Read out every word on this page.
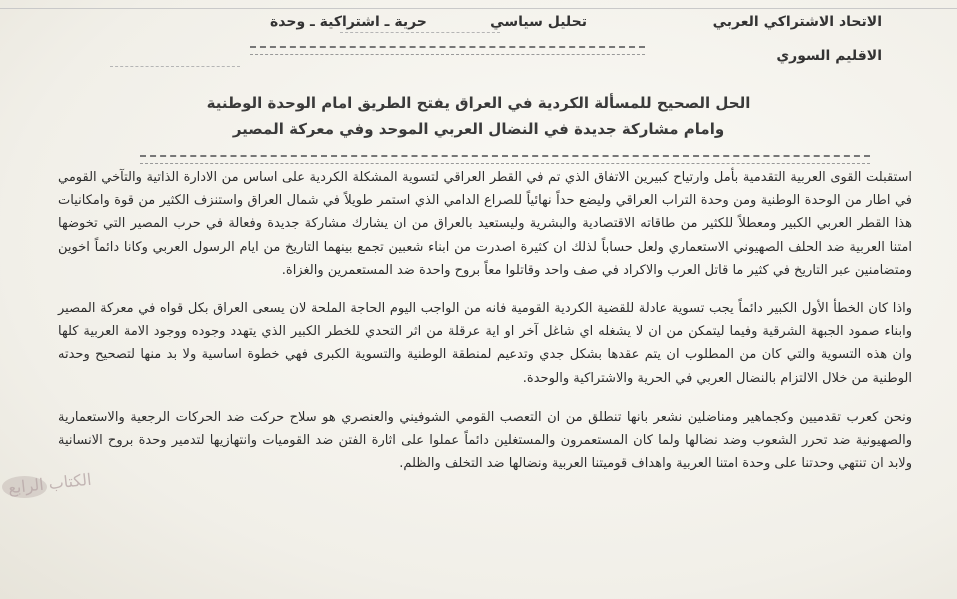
الاتحاد الاشتراكي العربي
تحليل سياسي
حرية ـ اشتراكية ـ وحدة
الاقليم السوري
الحل الصحيح للمسألة الكردية في العراق يفتح الطريق امام الوحدة الوطنية
وامام مشاركة جديدة في النضال العربي الموحد وفي معركة المصير

استقبلت القوى العربية التقدمية بأمل وارتياح كبيرين الاتفاق الذي تم في القطر العراقي لتسوية المشكلة الكردية على اساس من الادارة الذاتية والتآخي القومي في اطار من الوحدة الوطنية ومن وحدة التراب العراقي وليضع حداً نهائياً للصراع الدامي الذي استمر طويلاً في شمال العراق واستنزف الكثير من قوة وامكانيات هذا القطر العربي الكبير ومعطلاً للكثير من طاقاته الاقتصادية والبشرية وليستعيد بالعراق من ان يشارك مشاركة جديدة وفعالة في حرب المصير التي تخوضها امتنا العربية ضد الحلف الصهيوني الاستعماري ولعل حساباً لذلك ان كثيرة اصدرت من ابناء شعبين تجمع بينهما التاريخ من ايام الرسول العربي وكانا دائماً اخوين ومتضامنين عبر التاريخ في كثير ما قاتل العرب والاكراد في صف واحد وقاتلوا معاً بروح واحدة ضد المستعمرين والغزاة.

واذا كان الخطأ الأول الكبير دائماً يجب تسوية عادلة للقضية الكردية القومية فانه من الواجب اليوم الحاجة الملحة لان يسعى العراق بكل قواه في معركة المصير وابناء صمود الجبهة الشرقية وفيما ليتمكن من ان لا يشغله اي شاغل آخر او اية عرقلة من اثر التحدي للخطر الكبير الذي يتهدد وجوده ووجود الامة العربية كلها وان هذه التسوية والتي كان من المطلوب ان يتم عقدها بشكل جدي وتدعيم لمنطقة الوطنية والتسوية الكبرى فهي خطوة اساسية ولا بد منها لتصحيح وحدته الوطنية من خلال الالتزام بالنضال العربي في الحرية والاشتراكية والوحدة.

ونحن كعرب تقدميين وكجماهير ومناضلين نشعر بانها تنطلق من ان التعصب القومي الشوفيني والعنصري هو سلاح حركت ضد الحركات الرجعية والاستعمارية والصهيونية ضد تحرر الشعوب وضد نضالها ولما كان المستعمرون والمستغلين دائماً عملوا على اثارة الفتن ضد القوميات وانتهازيها لتدمير وحدة بروح الانسانية ولابد ان تنتهي وحدتنا على وحدة امتنا العربية واهداف قوميتنا العربية ونضالها ضد التخلف والظلم.

الكتاب الرابع
